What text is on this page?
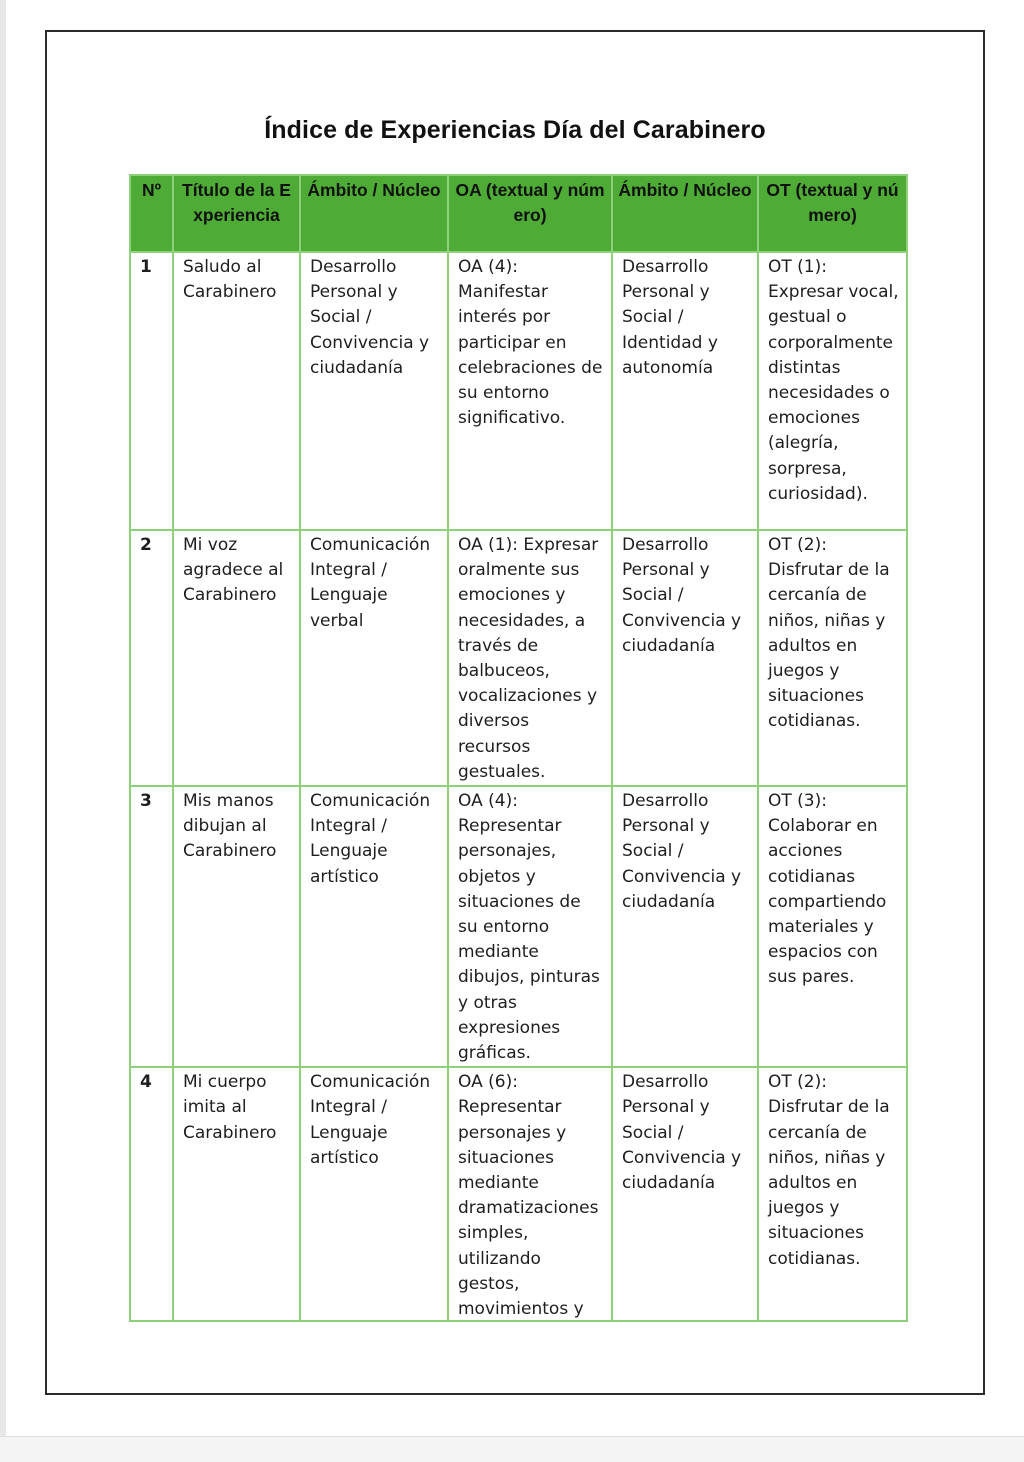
Índice de Experiencias Día del Carabinero
Nº	Título de la Experiencia	Ámbito / Núcleo	OA (textual y número)	Ámbito / Núcleo	OT (textual y número)
1	Saludo al Carabinero	Desarrollo Personal y Social / Convivencia y ciudadanía	OA (4): Manifestar interés por participar en celebraciones de su entorno significativo.	Desarrollo Personal y Social / Identidad y autonomía	OT (1): Expresar vocal, gestual o corporalmente distintas necesidades o emociones (alegría, sorpresa, curiosidad).
2	Mi voz agradece al Carabinero	Comunicación Integral / Lenguaje verbal	OA (1): Expresar oralmente sus emociones y necesidades, a través de balbuceos, vocalizaciones y diversos recursos gestuales.	Desarrollo Personal y Social / Convivencia y ciudadanía	OT (2): Disfrutar de la cercanía de niños, niñas y adultos en juegos y situaciones cotidianas.
3	Mis manos dibujan al Carabinero	Comunicación Integral / Lenguaje artístico	OA (4): Representar personajes, objetos y situaciones de su entorno mediante dibujos, pinturas y otras expresiones gráficas.	Desarrollo Personal y Social / Convivencia y ciudadanía	OT (3): Colaborar en acciones cotidianas compartiendo materiales y espacios con sus pares.
4	Mi cuerpo imita al Carabinero	Comunicación Integral / Lenguaje artístico	OA (6): Representar personajes y situaciones mediante dramatizaciones simples, utilizando gestos, movimientos y	Desarrollo Personal y Social / Convivencia y ciudadanía	OT (2): Disfrutar de la cercanía de niños, niñas y adultos en juegos y situaciones cotidianas.
